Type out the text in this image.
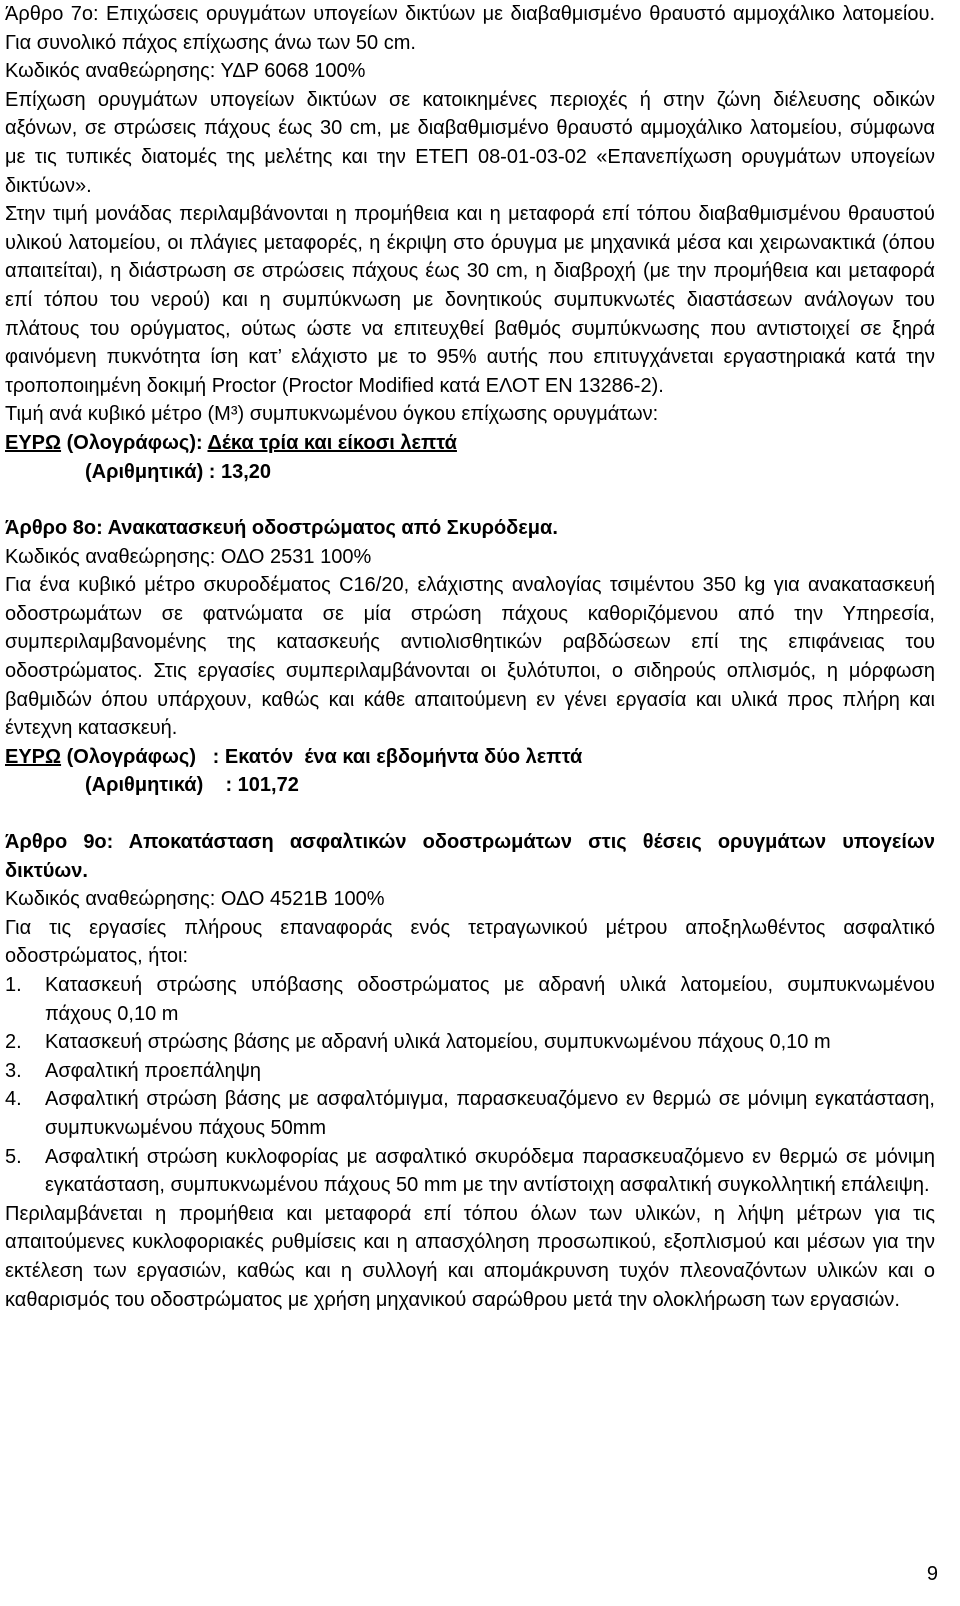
Άρθρο 7ο: Επιχώσεις ορυγμάτων υπογείων δικτύων με διαβαθμισμένο θραυστό αμμοχάλικο λατομείου. Για συνολικό πάχος επίχωσης άνω των 50 cm.

Κωδικός αναθεώρησης: ΥΔΡ 6068 100%

Επίχωση ορυγμάτων υπογείων δικτύων σε κατοικημένες περιοχές ή στην ζώνη διέλευσης οδικών αξόνων, σε στρώσεις πάχους έως 30 cm, με διαβαθμισμένο θραυστό αμμοχάλικο λατομείου, σύμφωνα με τις τυπικές διατομές της μελέτης και την ΕΤΕΠ 08-01-03-02 «Επανεπίχωση ορυγμάτων υπογείων δικτύων».

Στην τιμή μονάδας περιλαμβάνονται η προμήθεια και η μεταφορά επί τόπου διαβαθμισμένου θραυστού υλικού λατομείου, οι πλάγιες μεταφορές, η έκριψη στο όρυγμα με μηχανικά μέσα και χειρωνακτικά (όπου απαιτείται), η διάστρωση σε στρώσεις πάχους έως 30 cm, η διαβροχή (με την προμήθεια και μεταφορά επί τόπου του νερού) και η συμπύκνωση με δονητικούς συμπυκνωτές διαστάσεων ανάλογων του πλάτους του ορύγματος, ούτως ώστε να επιτευχθεί βαθμός συμπύκνωσης που αντιστοιχεί σε ξηρά φαινόμενη πυκνότητα ίση κατ’ ελάχιστο με το 95% αυτής που επιτυγχάνεται εργαστηριακά κατά την τροποποιημένη δοκιμή Proctor (Proctor Modified κατά ΕΛΟΤ ΕΝ 13286-2).

Τιμή ανά κυβικό μέτρο (M³) συμπυκνωμένου όγκου επίχωσης ορυγμάτων:

ΕΥΡΩ (Ολογράφως): Δέκα τρία και είκοσι λεπτά

(Αριθμητικά) : 13,20

Άρθρο 8ο: Ανακατασκευή οδοστρώματος από Σκυρόδεμα.

Κωδικός αναθεώρησης: ΟΔΟ 2531 100%

Για ένα κυβικό μέτρο σκυροδέματος C16/20, ελάχιστης αναλογίας τσιμέντου 350 kg για ανακατασκευή οδοστρωμάτων σε φατνώματα σε μία στρώση πάχους καθοριζόμενου από την Υπηρεσία, συμπεριλαμβανομένης της κατασκευής αντιολισθητικών ραβδώσεων επί της επιφάνειας του οδοστρώματος. Στις εργασίες συμπεριλαμβάνονται οι ξυλότυποι, ο σιδηρούς οπλισμός, η μόρφωση βαθμιδών όπου υπάρχουν, καθώς και κάθε απαιτούμενη εν γένει εργασία και υλικά προς πλήρη και έντεχνη κατασκευή.

ΕΥΡΩ (Ολογράφως)   : Εκατόν  ένα και εβδομήντα δύο λεπτά

(Αριθμητικά)    : 101,72

Άρθρο 9ο: Αποκατάσταση ασφαλτικών οδοστρωμάτων στις θέσεις ορυγμάτων υπογείων δικτύων.

Κωδικός αναθεώρησης: ΟΔΟ 4521Β 100%

Για τις εργασίες πλήρους επαναφοράς ενός τετραγωνικού μέτρου αποξηλωθέντος ασφαλτικό οδοστρώματος, ήτοι:

1.	Κατασκευή στρώσης υπόβασης οδοστρώματος με αδρανή υλικά λατομείου, συμπυκνωμένου πάχους 0,10 m
2.	Κατασκευή στρώσης βάσης με αδρανή υλικά λατομείου, συμπυκνωμένου πάχους 0,10 m
3.	Ασφαλτική προεπάληψη
4.	Ασφαλτική στρώση βάσης με ασφαλτόμιγμα, παρασκευαζόμενο εν θερμώ σε μόνιμη εγκατάσταση, συμπυκνωμένου πάχους 50mm
5.	Ασφαλτική στρώση κυκλοφορίας με ασφαλτικό σκυρόδεμα παρασκευαζόμενο εν θερμώ σε μόνιμη εγκατάσταση, συμπυκνωμένου πάχους 50 mm με την αντίστοιχη ασφαλτική συγκολλητική επάλειψη.

Περιλαμβάνεται η προμήθεια και μεταφορά επί τόπου όλων των υλικών, η λήψη μέτρων για τις απαιτούμενες κυκλοφοριακές ρυθμίσεις και η απασχόληση προσωπικού, εξοπλισμού και μέσων για την εκτέλεση των εργασιών, καθώς και η συλλογή και απομάκρυνση τυχόν πλεοναζόντων υλικών και ο καθαρισμός του οδοστρώματος με χρήση μηχανικού σαρώθρου μετά την ολοκλήρωση των εργασιών.

9
